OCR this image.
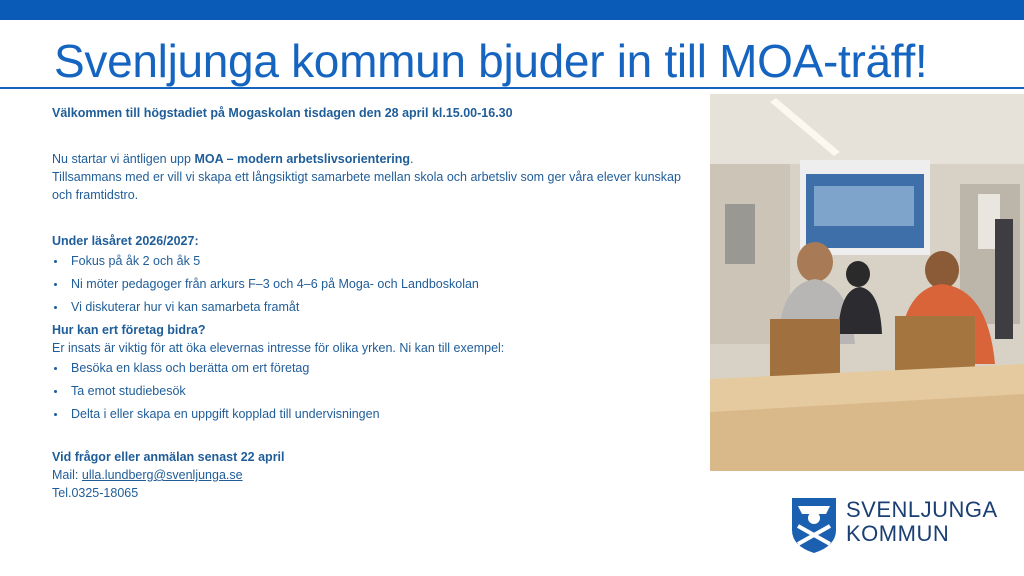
Svenljunga kommun bjuder in till MOA-träff!
Välkommen till högstadiet på Mogaskolan tisdagen den 28 april kl.15.00-16.30
Nu startar vi äntligen upp MOA – modern arbetslivsorientering.
Tillsammans med er vill vi skapa ett långsiktigt samarbete mellan skola och arbetsliv som ger våra elever kunskap och framtidstro.
Under läsåret 2026/2027:
Fokus på åk 2 och åk 5
Ni möter pedagoger från arkurs F–3 och 4–6 på Moga- och Landboskolan
Vi diskuterar hur vi kan samarbeta framåt
Hur kan ert företag bidra?
Er insats är viktig för att öka elevernas intresse för olika yrken. Ni kan till exempel:
Besöka en klass och berätta om ert företag
Ta emot studiebesök
Delta i eller skapa en uppgift kopplad till undervisningen
Vid frågor eller anmälan senast 22 april
Mail: ulla.lundberg@svenljunga.se
Tel.0325-18065
SVENLJUNGA
KOMMUN
